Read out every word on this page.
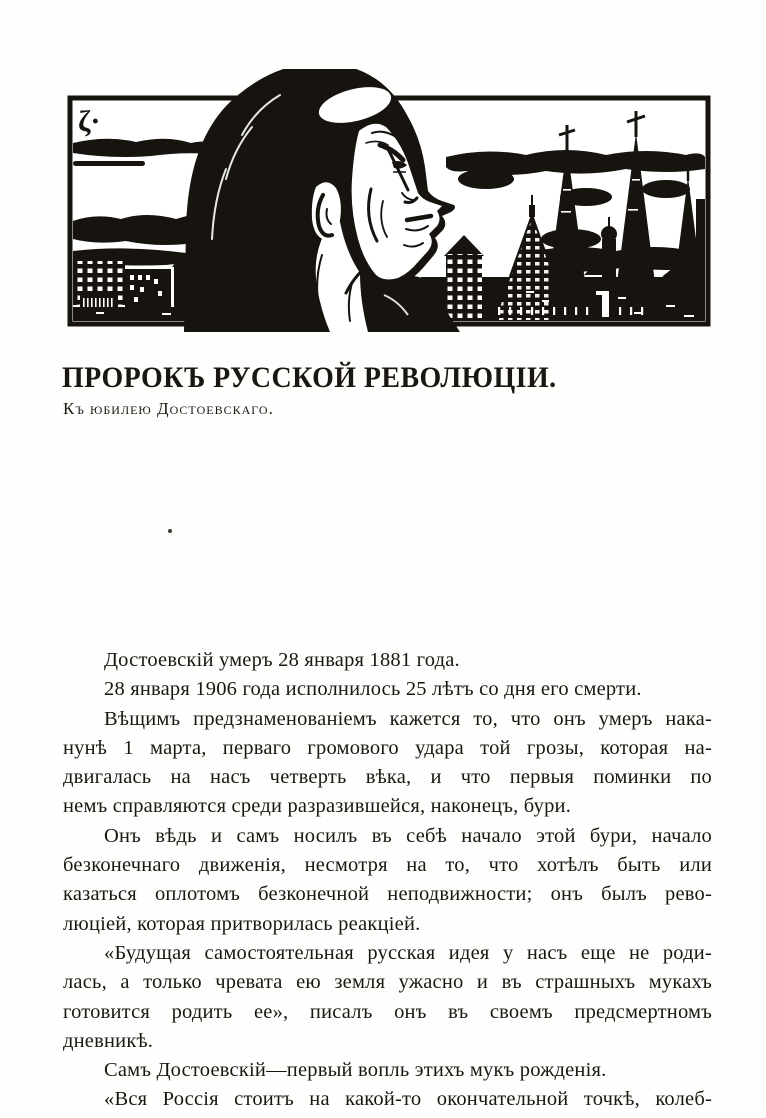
ζ·
ПРОРОКЪ РУССКОЙ РЕВОЛЮЦІИ.
Къ юбилею Достоевскаго.
Достоевскій умеръ 28 января 1881 года.
28 января 1906 года исполнилось 25 лѣтъ со дня его смерти.
Вѣщимъ предзнаменованіемъ кажется то, что онъ умеръ нака-
нунѣ 1 марта, перваго громового удара той грозы, которая на-
двигалась на насъ четверть вѣка, и что первыя поминки по
немъ справляются среди разразившейся, наконецъ, бури.
Онъ вѣдь и самъ носилъ въ себѣ начало этой бури, начало
безконечнаго движенія, несмотря на то, что хотѣлъ быть или
казаться оплотомъ безконечной неподвижности; онъ былъ рево-
люціей, которая притворилась реакціей.
«Будущая самостоятельная русская идея у насъ еще не роди-
лась, а только чревата ею земля ужасно и въ страшныхъ мукахъ
готовится родить ее», писалъ онъ въ своемъ предсмертномъ
дневникѣ.
Самъ Достоевскій—первый вопль этихъ мукъ рожденія.
«Вся Россія стоитъ на какой-то окончательной точкѣ, колеб-
